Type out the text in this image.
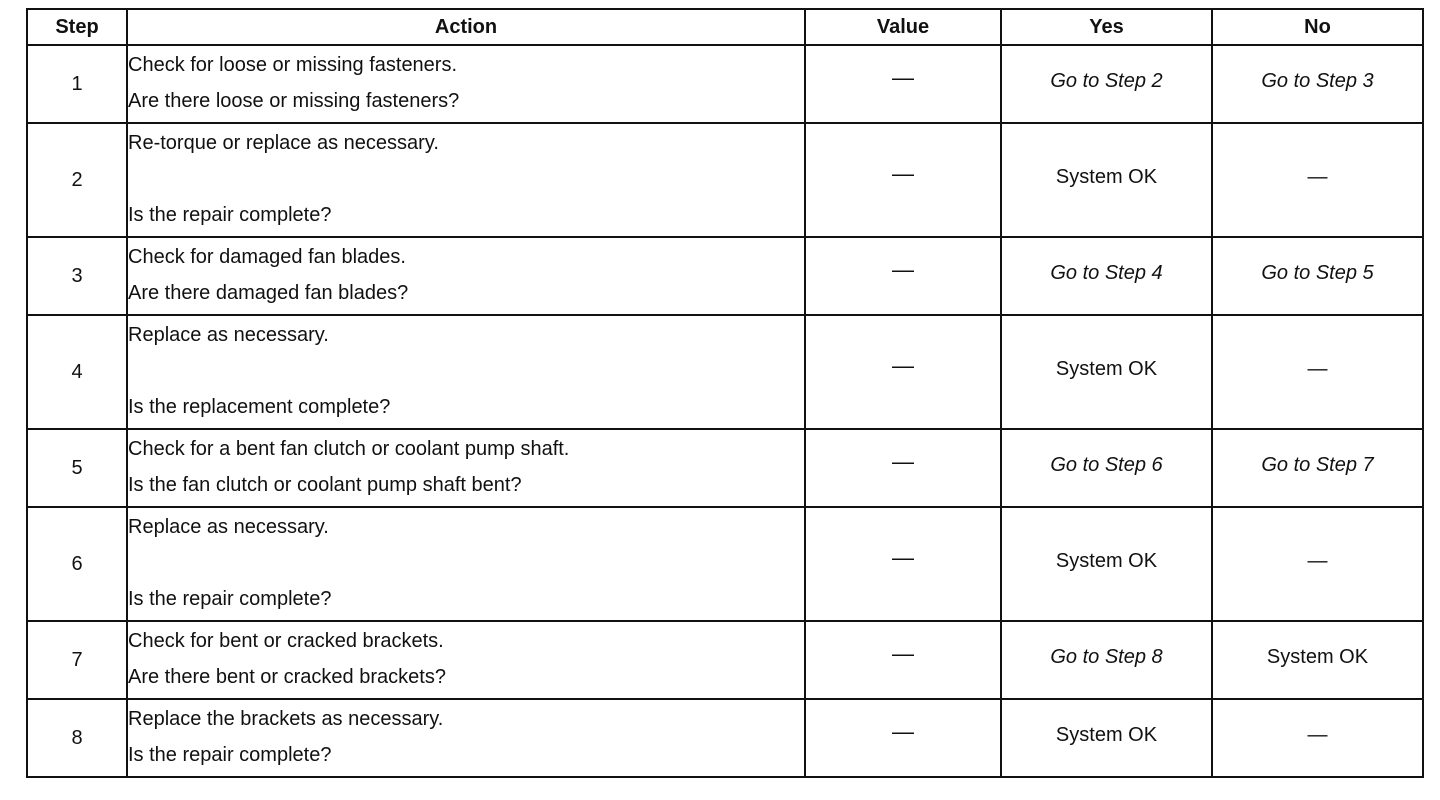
Step	Action	Value	Yes	No
1	Check for loose or missing fasteners.
Are there loose or missing fasteners?	—	Go to Step 2	Go to Step 3

2	Re-torque or replace as necessary.
Is the repair complete?	—	System OK	—

3	Check for damaged fan blades.
Are there damaged fan blades?	—	Go to Step 4	Go to Step 5

4	Replace as necessary.
Is the replacement complete?	—	System OK	—

5	Check for a bent fan clutch or coolant pump shaft.
Is the fan clutch or coolant pump shaft bent?	—	Go to Step 6	Go to Step 7

6	Replace as necessary.
Is the repair complete?	—	System OK	—

7	Check for bent or cracked brackets.
Are there bent or cracked brackets?	—	Go to Step 8	System OK

8	Replace the brackets as necessary.
Is the repair complete?	—	System OK	—
